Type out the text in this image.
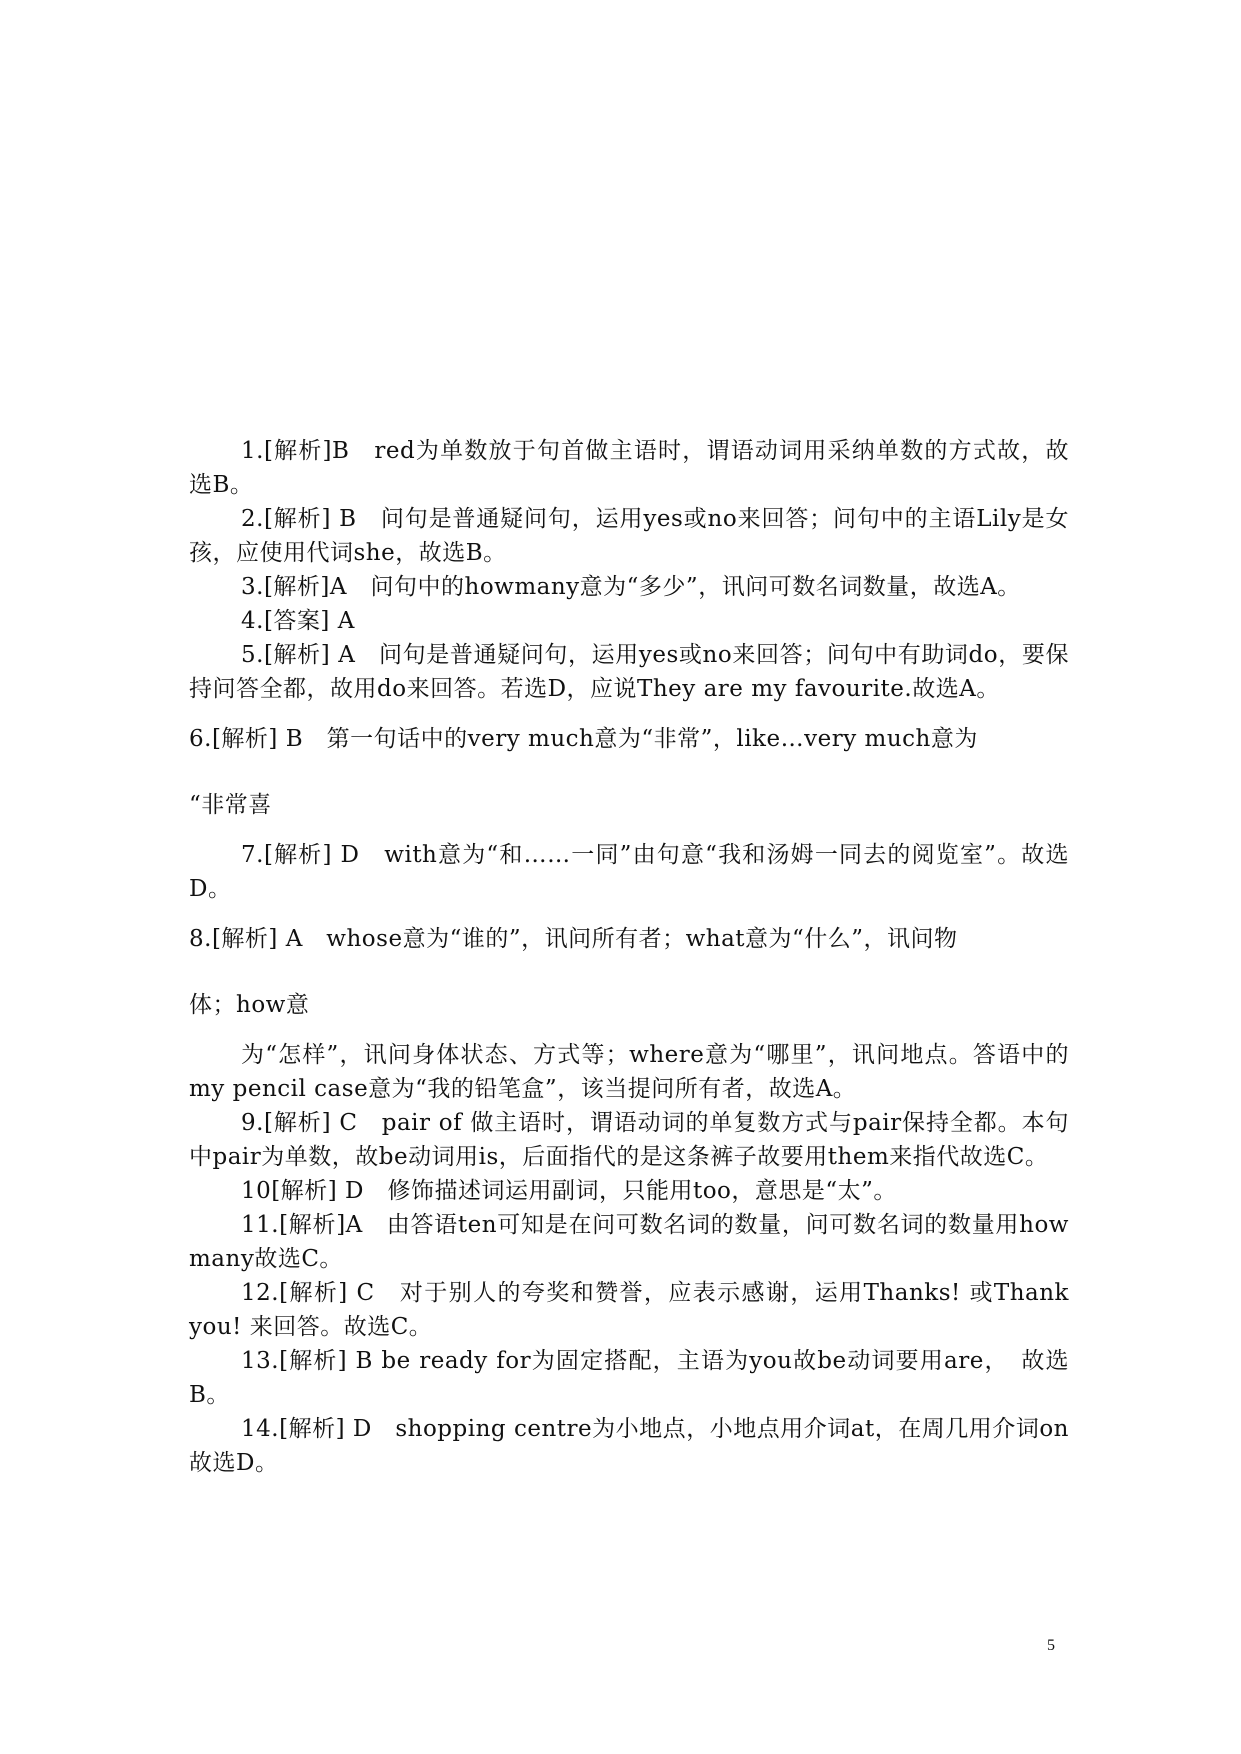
1.[解析]B　red为单数放于句首做主语时，谓语动词用采纳单数的方式故，故选B。

2.[解析] B　问句是普通疑问句，运用yes或no来回答；问句中的主语Lily是女孩，应使用代词she，故选B。

3.[解析]A　问句中的howmany意为“多少”，讯问可数名词数量，故选A。

4.[答案] A

5.[解析] A　问句是普通疑问句，运用yes或no来回答；问句中有助词do，要保持问答全都，故用do来回答。若选D，应说They are my favourite.故选A。

6.[解析] B　第一句话中的very much意为“非常”，like…very much意为

“非常喜

7.[解析] D　with意为“和……一同”由句意“我和汤姆一同去的阅览室”。故选D。

8.[解析] A　whose意为“谁的”，讯问所有者；what意为“什么”，讯问物

体；how意

为“怎样”，讯问身体状态、方式等；where意为“哪里”，讯问地点。答语中的my pencil case意为“我的铅笔盒”，该当提问所有者，故选A。

9.[解析] C　pair of 做主语时，谓语动词的单复数方式与pair保持全都。本句中pair为单数，故be动词用is，后面指代的是这条裤子故要用them来指代故选C。

10[解析] D　修饰描述词运用副词，只能用too，意思是“太”。

11.[解析]A　由答语ten可知是在问可数名词的数量，问可数名词的数量用how many故选C。

12.[解析] C　对于别人的夸奖和赞誉，应表示感谢，运用Thanks! 或Thank you! 来回答。故选C。

13.[解析] B be ready for为固定搭配，主语为you故be动词要用are，　故选B。

14.[解析] D　shopping centre为小地点，小地点用介词at，在周几用介词on故选D。

5
